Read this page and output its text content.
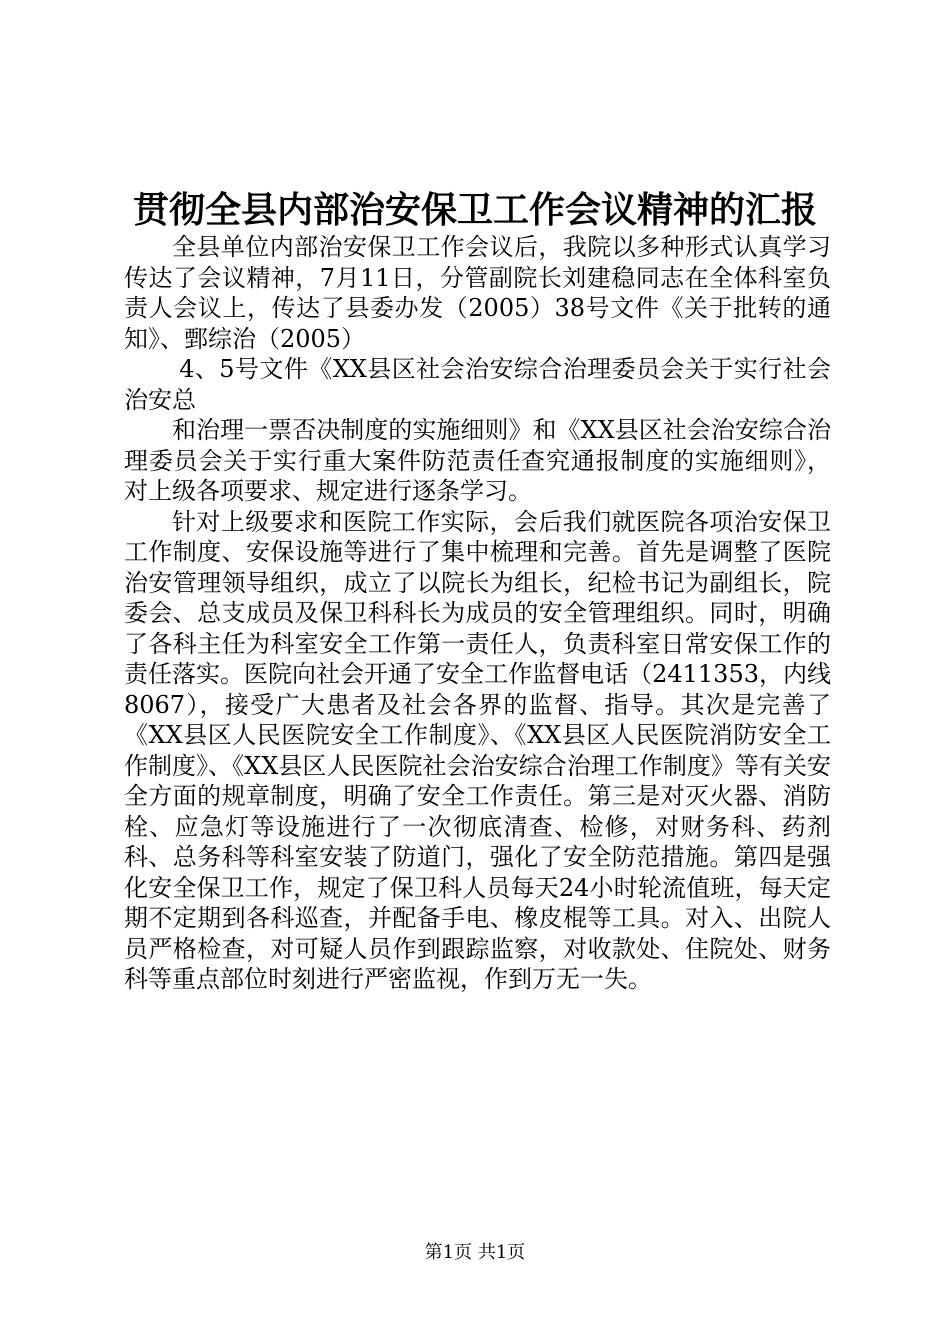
贯彻全县内部治安保卫工作会议精神的汇报

全县单位内部治安保卫工作会议后，我院以多种形式认真学习传达了会议精神，7月11日，分管副院长刘建稳同志在全体科室负责人会议上，传达了县委办发（2005）38号文件《关于批转的通知》、鄄综治（2005）

4、5号文件《XX县区社会治安综合治理委员会关于实行社会治安总

和治理一票否决制度的实施细则》和《XX县区社会治安综合治理委员会关于实行重大案件防范责任查究通报制度的实施细则》，对上级各项要求、规定进行逐条学习。

针对上级要求和医院工作实际，会后我们就医院各项治安保卫工作制度、安保设施等进行了集中梳理和完善。首先是调整了医院治安管理领导组织，成立了以院长为组长，纪检书记为副组长，院委会、总支成员及保卫科科长为成员的安全管理组织。同时，明确了各科主任为科室安全工作第一责任人，负责科室日常安保工作的责任落实。医院向社会开通了安全工作监督电话（2411353，内线8067），接受广大患者及社会各界的监督、指导。其次是完善了《XX县区人民医院安全工作制度》、《XX县区人民医院消防安全工作制度》、《XX县区人民医院社会治安综合治理工作制度》等有关安全方面的规章制度，明确了安全工作责任。第三是对灭火器、消防栓、应急灯等设施进行了一次彻底清查、检修，对财务科、药剂科、总务科等科室安装了防道门，强化了安全防范措施。第四是强化安全保卫工作，规定了保卫科人员每天24小时轮流值班，每天定期不定期到各科巡查，并配备手电、橡皮棍等工具。对入、出院人员严格检查，对可疑人员作到跟踪监察，对收款处、住院处、财务科等重点部位时刻进行严密监视，作到万无一失。

第1页 共1页
